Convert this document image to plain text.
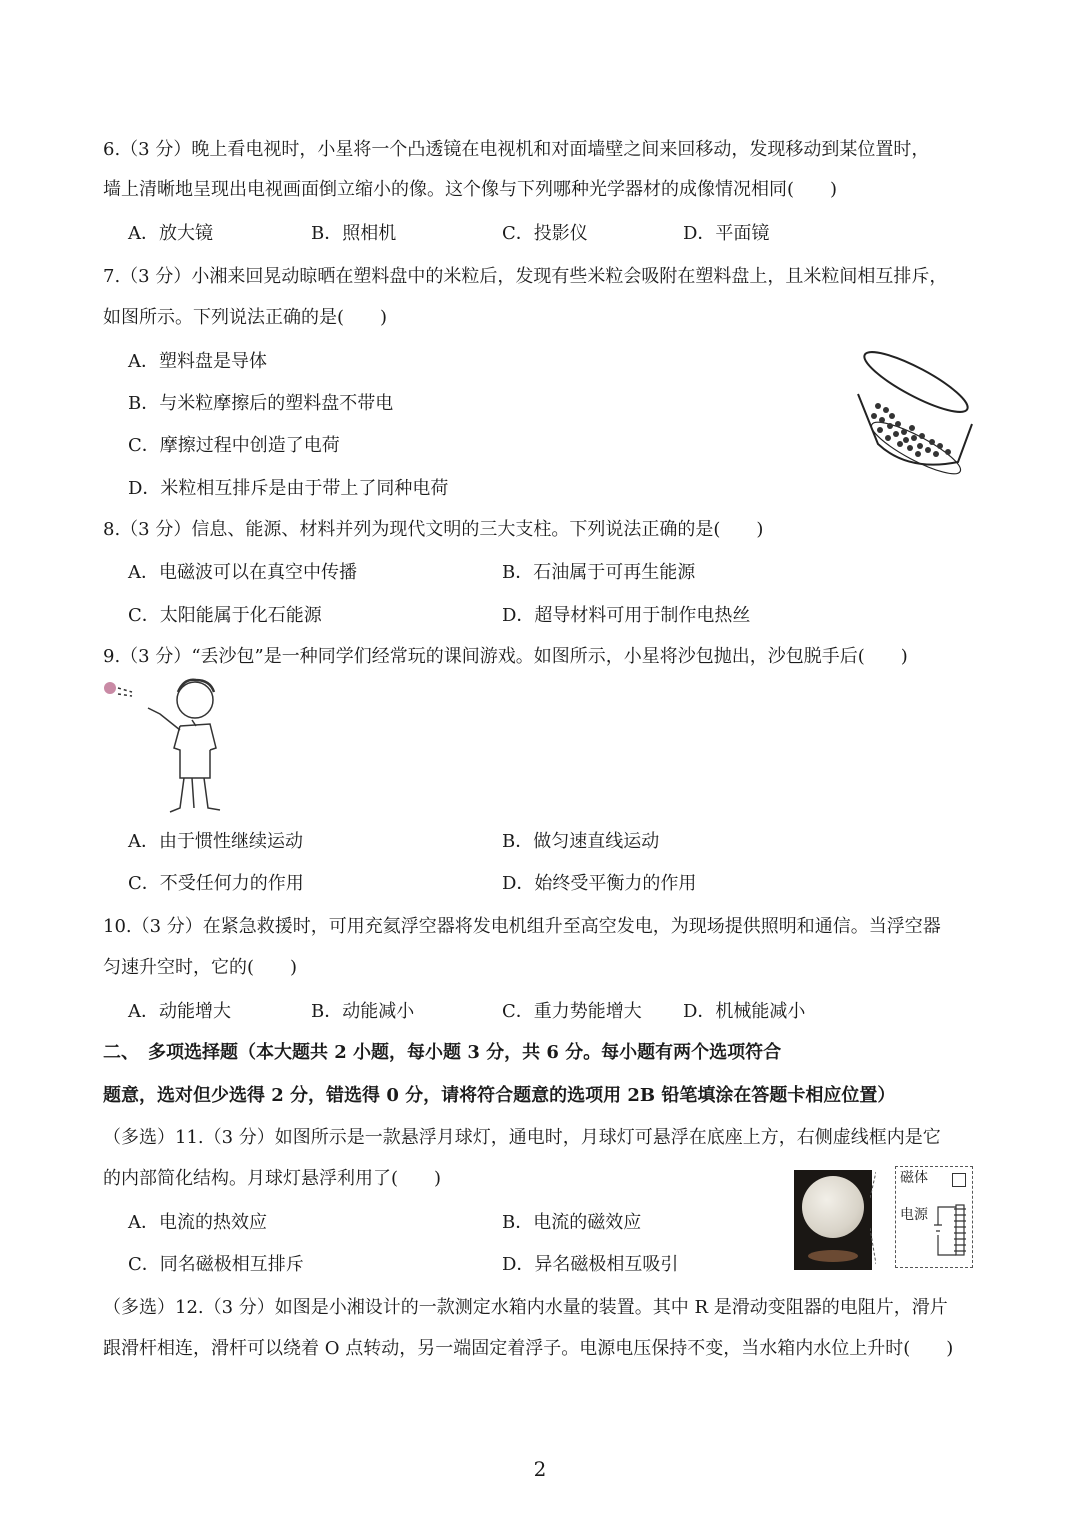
6.（3 分）晚上看电视时，小星将一个凸透镜在电视机和对面墙壁之间来回移动，发现移动到某位置时，
墙上清晰地呈现出电视画面倒立缩小的像。这个像与下列哪种光学器材的成像情况相同(　　)
A．放大镜	B．照相机	C．投影仪	D．平面镜
7.（3 分）小湘来回晃动晾晒在塑料盘中的米粒后，发现有些米粒会吸附在塑料盘上，且米粒间相互排斥，
如图所示。下列说法正确的是(　　)
A．塑料盘是导体
B．与米粒摩擦后的塑料盘不带电
C．摩擦过程中创造了电荷
D．米粒相互排斥是由于带上了同种电荷
8.（3 分）信息、能源、材料并列为现代文明的三大支柱。下列说法正确的是(　　)
A．电磁波可以在真空中传播	B．石油属于可再生能源
C．太阳能属于化石能源	D．超导材料可用于制作电热丝
9.（3 分）“丢沙包”是一种同学们经常玩的课间游戏。如图所示，小星将沙包抛出，沙包脱手后(　　)
A．由于惯性继续运动	B．做匀速直线运动
C．不受任何力的作用	D．始终受平衡力的作用
10.（3 分）在紧急救援时，可用充氦浮空器将发电机组升至高空发电，为现场提供照明和通信。当浮空器
匀速升空时，它的(　　)
A．动能增大	B．动能减小	C．重力势能增大 D．机械能减小
二、　多项选择题（本大题共 2 小题，每小题 3 分，共 6 分。每小题有两个选项符合
题意，选对但少选得 2 分，错选得 0 分，请将符合题意的选项用 2B 铅笔填涂在答题卡相应位置）
（多选）11.（3 分）如图所示是一款悬浮月球灯，通电时，月球灯可悬浮在底座上方，右侧虚线框内是它
的内部简化结构。月球灯悬浮利用了(　　)
A．电流的热效应	B．电流的磁效应
C．同名磁极相互排斥	D．异名磁极相互吸引
磁体
电源
（多选）12.（3 分）如图是小湘设计的一款测定水箱内水量的装置。其中 R 是滑动变阻器的电阻片，滑片
跟滑杆相连，滑杆可以绕着 O 点转动，另一端固定着浮子。电源电压保持不变，当水箱内水位上升时(　　)
2
